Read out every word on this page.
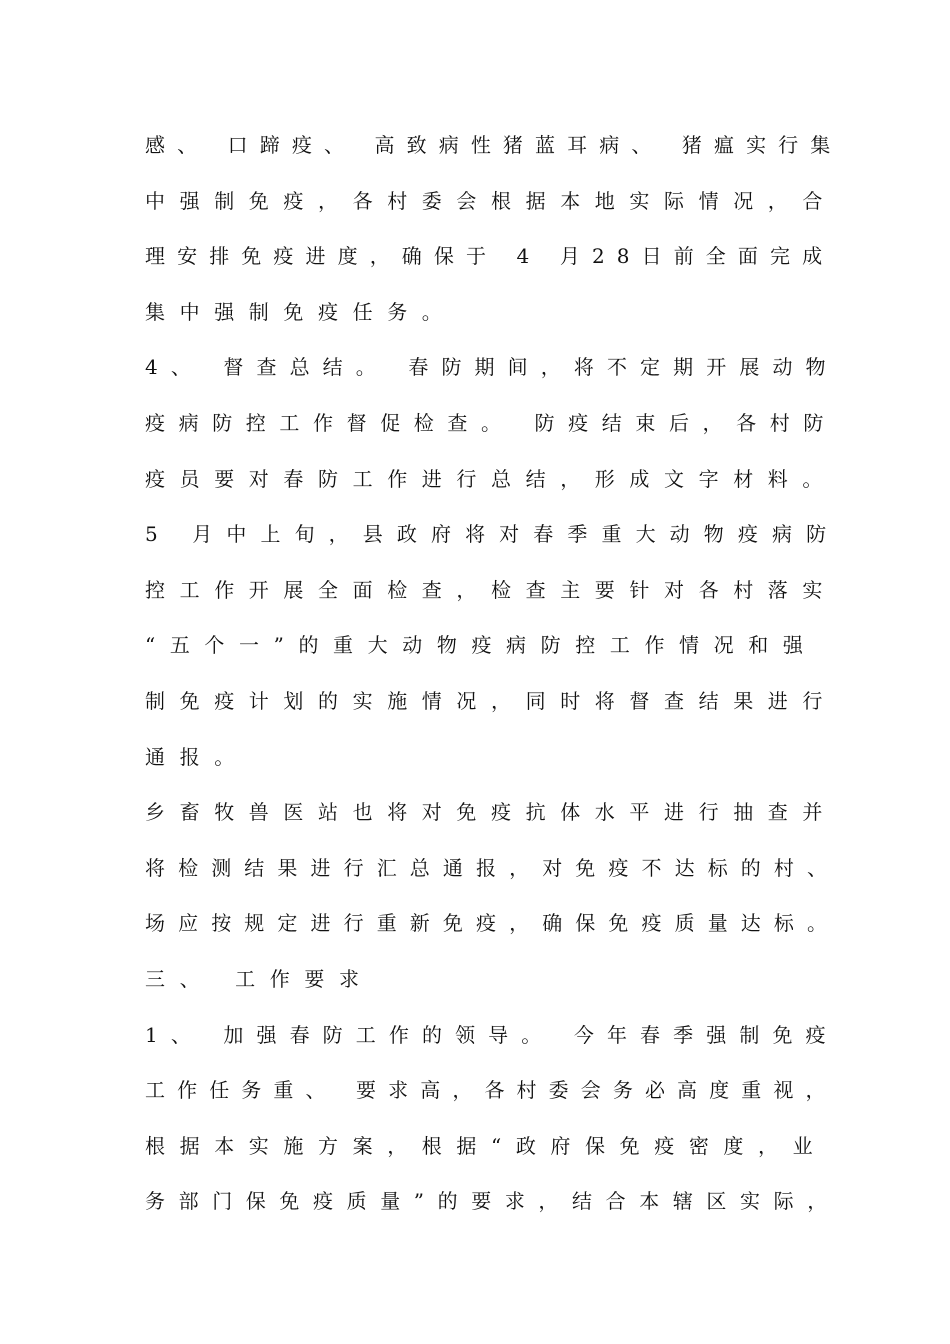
感、 口蹄疫、 高致病性猪蓝耳病、 猪瘟实行集

中强制免疫，各村委会根据本地实际情况，合

理安排免疫进度，确保于 4 月28日前全面完成

集中强制免疫任务。

4、 督查总结。 春防期间，将不定期开展动物

疫病防控工作督促检查。 防疫结束后，各村防

疫员要对春防工作进行总结，形成文字材料。

5 月中上旬，县政府将对春季重大动物疫病防

控工作开展全面检查，检查主要针对各村落实

“五个一”的重大动物疫病防控工作情况和强

制免疫计划的实施情况，同时将督查结果进行

通报。

乡畜牧兽医站也将对免疫抗体水平进行抽查并

将检测结果进行汇总通报，对免疫不达标的村、

场应按规定进行重新免疫，确保免疫质量达标。

三、 工作要求

1、 加强春防工作的领导。 今年春季强制免疫

工作任务重、 要求高，各村委会务必高度重视，

根据本实施方案，根据“政府保免疫密度，业

务部门保免疫质量”的要求，结合本辖区实际，
